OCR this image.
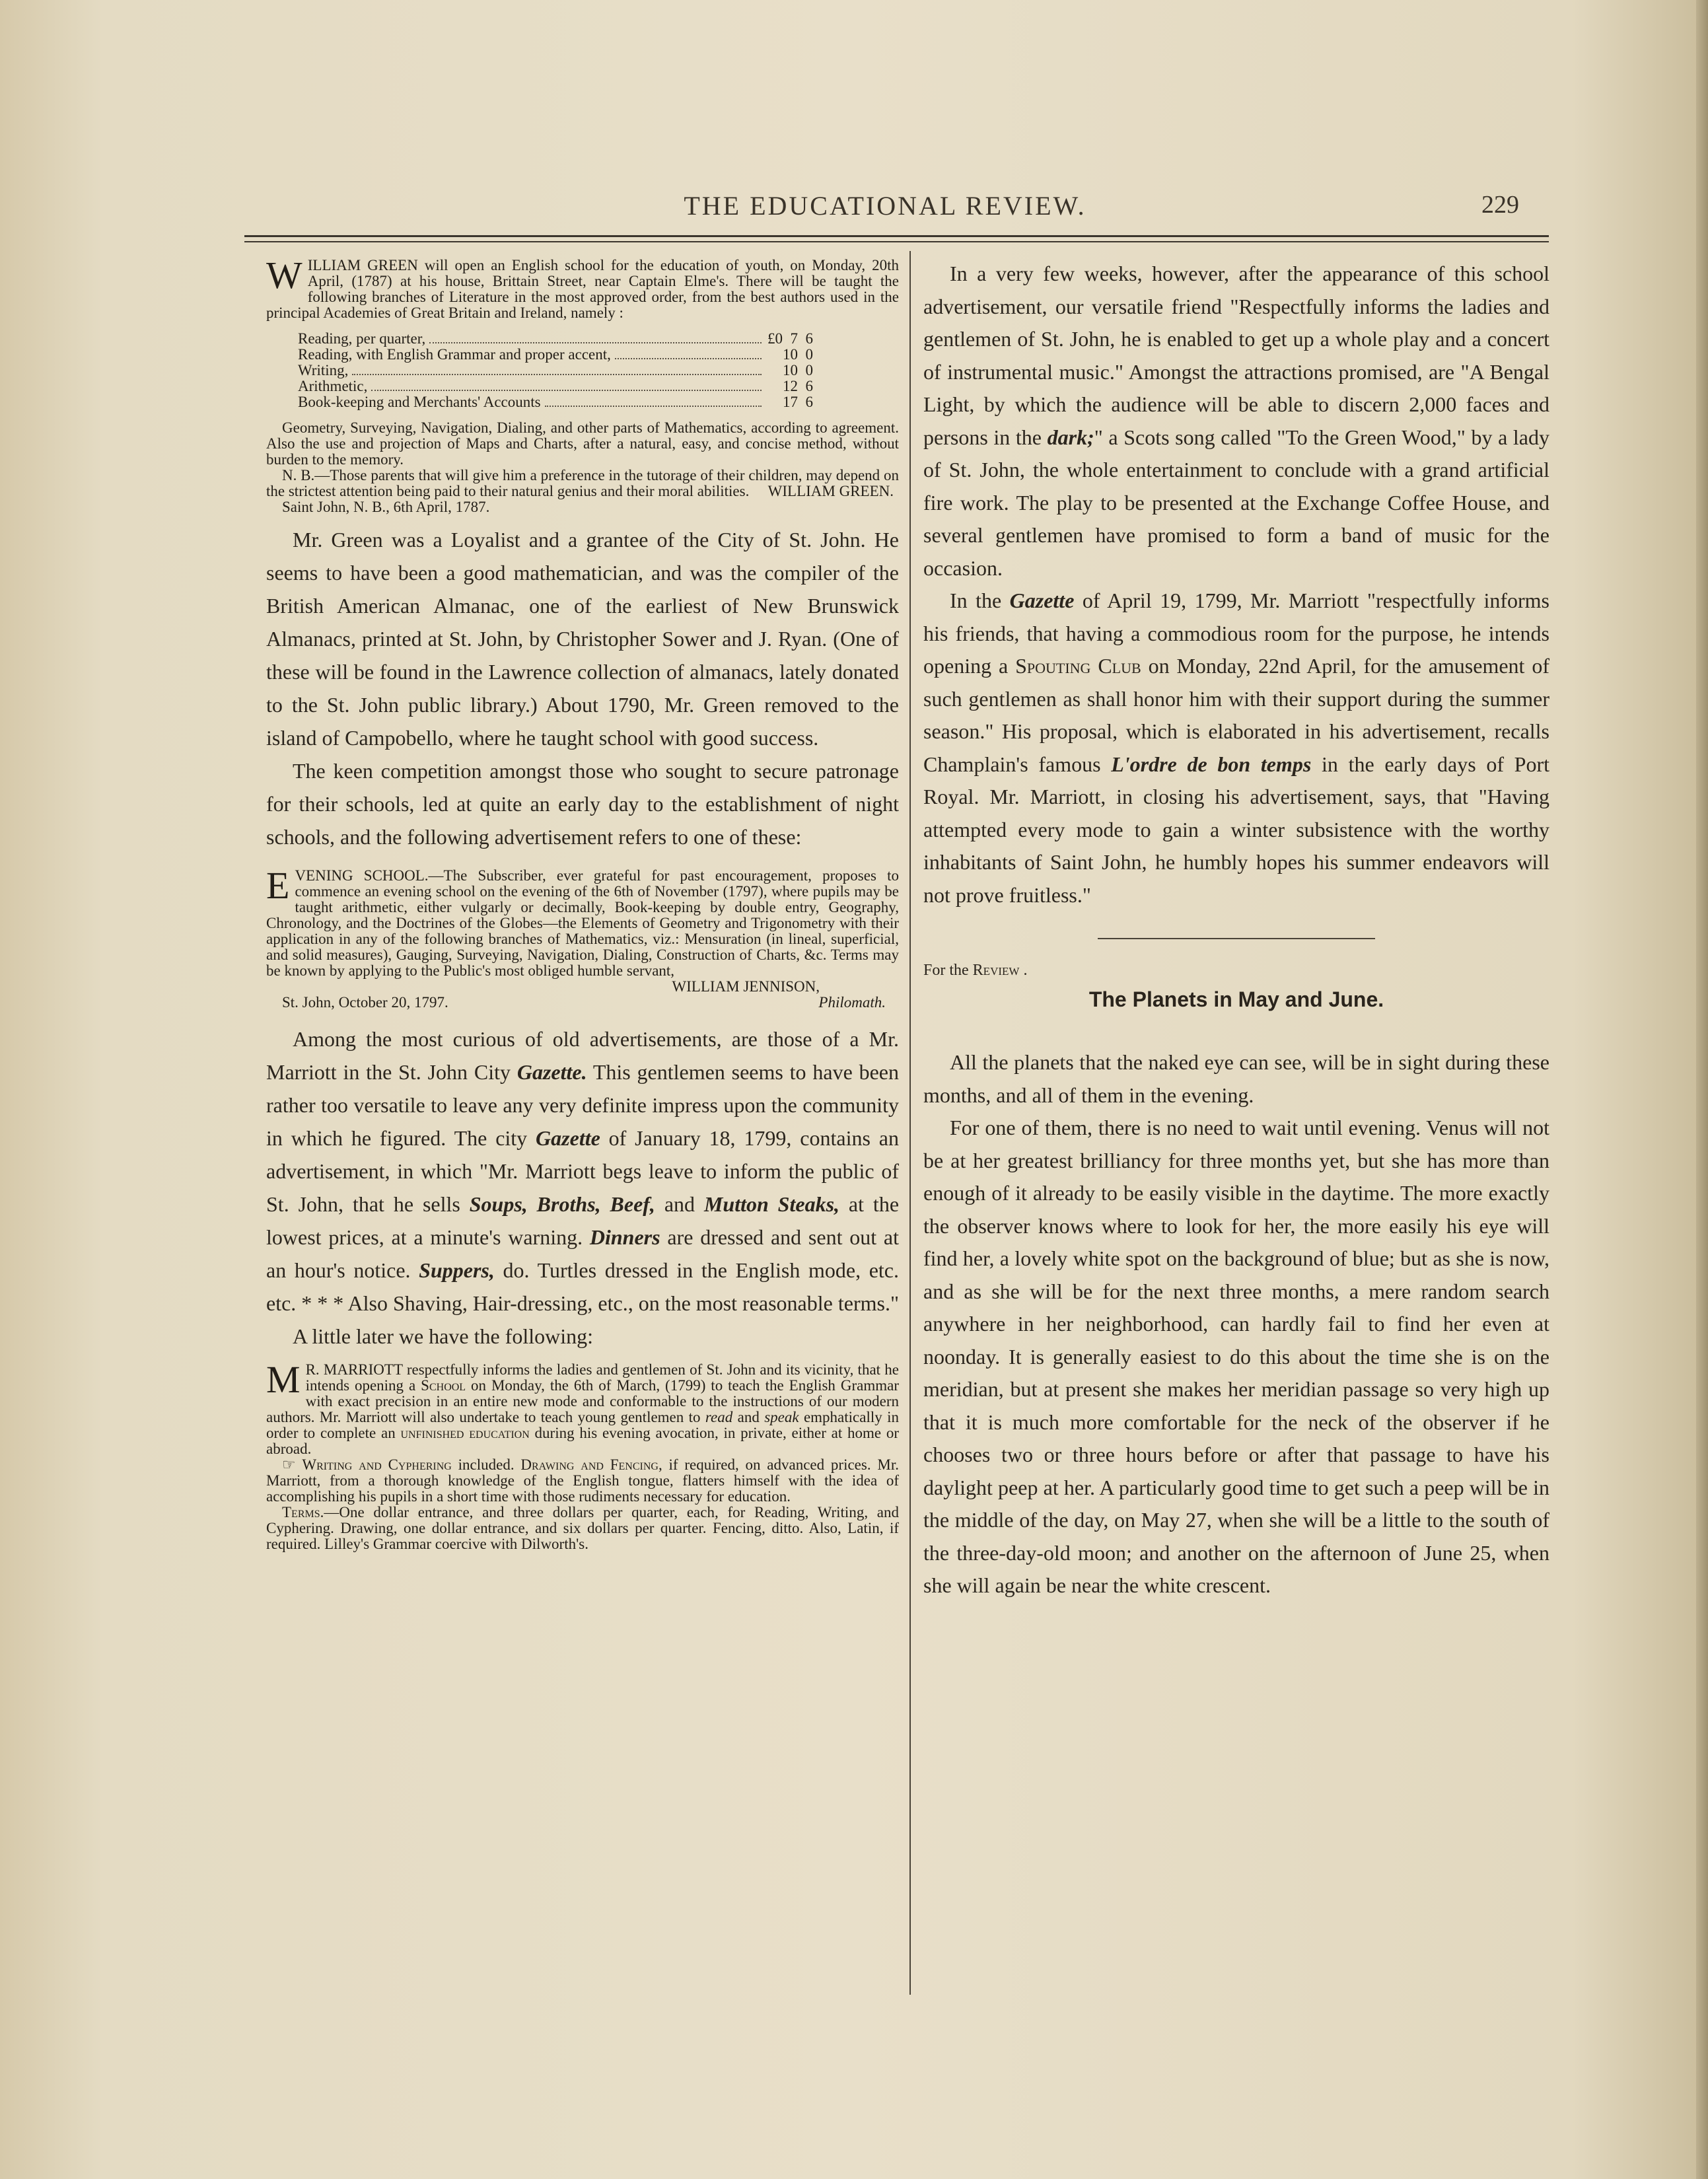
THE EDUCATIONAL REVIEW.	229

WILLIAM GREEN will open an English school for the education of youth, on Monday, 20th April, (1787) at his house, Brittain Street, near Captain Elme's. There will be taught the following branches of Literature in the most approved order, from the best authors used in the principal Academies of Great Britain and Ireland, namely :

Reading, per quarter,	£0  7  6
Reading, with English Grammar and proper accent,	10  0
Writing,	10  0
Arithmetic,	12  6
Book-keeping and Merchants' Accounts	17  6

Geometry, Surveying, Navigation, Dialing, and other parts of Mathematics, according to agreement. Also the use and projection of Maps and Charts, after a natural, easy, and concise method, without burden to the memory.

N. B.—Those parents that will give him a preference in the tutorage of their children, may depend on the strictest attention being paid to their natural genius and their moral abilities. WILLIAM GREEN.

Saint John, N. B., 6th April, 1787.

Mr. Green was a Loyalist and a grantee of the City of St. John. He seems to have been a good mathematician, and was the compiler of the British American Almanac, one of the earliest of New Brunswick Almanacs, printed at St. John, by Christopher Sower and J. Ryan. (One of these will be found in the Lawrence collection of almanacs, lately donated to the St. John public library.) About 1790, Mr. Green removed to the island of Campobello, where he taught school with good success.

The keen competition amongst those who sought to secure patronage for their schools, led at quite an early day to the establishment of night schools, and the following advertisement refers to one of these:

EVENING SCHOOL.—The Subscriber, ever grateful for past encouragement, proposes to commence an evening school on the evening of the 6th of November (1797), where pupils may be taught arithmetic, either vulgarly or decimally, Book-keeping by double entry, Geography, Chronology, and the Doctrines of the Globes—the Elements of Geometry and Trigonometry with their application in any of the following branches of Mathematics, viz.: Mensuration (in lineal, superficial, and solid measures), Gauging, Surveying, Navigation, Dialing, Construction of Charts, &c. Terms may be known by applying to the Public's most obliged humble servant,

WILLIAM JENNISON,

St. John, October 20, 1797.	Philomath.

Among the most curious of old advertisements, are those of a Mr. Marriott in the St. John City Gazette. This gentlemen seems to have been rather too versatile to leave any very definite impress upon the community in which he figured. The city Gazette of January 18, 1799, contains an advertisement, in which "Mr. Marriott begs leave to inform the public of St. John, that he sells Soups, Broths, Beef, and Mutton Steaks, at the lowest prices, at a minute's warning. Dinners are dressed and sent out at an hour's notice. Suppers, do. Turtles dressed in the English mode, etc. etc. * * * Also Shaving, Hair-dressing, etc., on the most reasonable terms."

A little later we have the following:

M R. MARRIOTT respectfully informs the ladies and gentlemen of St. John and its vicinity, that he intends opening a School on Monday, the 6th of March, (1799) to teach the English Grammar with exact precision in an entire new mode and conformable to the instructions of our modern authors. Mr. Marriott will also undertake to teach young gentlemen to read and speak emphatically in order to complete an unfinished education during his evening avocation, in private, either at home or abroad.

☞ Writing and Cyphering included. Drawing and Fencing, if required, on advanced prices. Mr. Marriott, from a thorough knowledge of the English tongue, flatters himself with the idea of accomplishing his pupils in a short time with those rudiments necessary for education.

Terms.—One dollar entrance, and three dollars per quarter, each, for Reading, Writing, and Cyphering. Drawing, one dollar entrance, and six dollars per quarter. Fencing, ditto. Also, Latin, if required. Lilley's Grammar coercive with Dilworth's.

In a very few weeks, however, after the appearance of this school advertisement, our versatile friend "Respectfully informs the ladies and gentlemen of St. John, he is enabled to get up a whole play and a concert of instrumental music." Amongst the attractions promised, are "A Bengal Light, by which the audience will be able to discern 2,000 faces and persons in the dark;" a Scots song called "To the Green Wood," by a lady of St. John, the whole entertainment to conclude with a grand artificial fire work. The play to be presented at the Exchange Coffee House, and several gentlemen have promised to form a band of music for the occasion.

In the Gazette of April 19, 1799, Mr. Marriott "respectfully informs his friends, that having a commodious room for the purpose, he intends opening a Spouting Club on Monday, 22nd April, for the amusement of such gentlemen as shall honor him with their support during the summer season." His proposal, which is elaborated in his advertisement, recalls Champlain's famous L'ordre de bon temps in the early days of Port Royal. Mr. Marriott, in closing his advertisement, says, that "Having attempted every mode to gain a winter subsistence with the worthy inhabitants of Saint John, he humbly hopes his summer endeavors will not prove fruitless."

For the Review .

The Planets in May and June.

All the planets that the naked eye can see, will be in sight during these months, and all of them in the evening.

For one of them, there is no need to wait until evening. Venus will not be at her greatest brilliancy for three months yet, but she has more than enough of it already to be easily visible in the daytime. The more exactly the observer knows where to look for her, the more easily his eye will find her, a lovely white spot on the background of blue; but as she is now, and as she will be for the next three months, a mere random search anywhere in her neighborhood, can hardly fail to find her even at noonday. It is generally easiest to do this about the time she is on the meridian, but at present she makes her meridian passage so very high up that it is much more comfortable for the neck of the observer if he chooses two or three hours before or after that passage to have his daylight peep at her. A particularly good time to get such a peep will be in the middle of the day, on May 27, when she will be a little to the south of the three-day-old moon; and another on the afternoon of June 25, when she will again be near the white crescent.
